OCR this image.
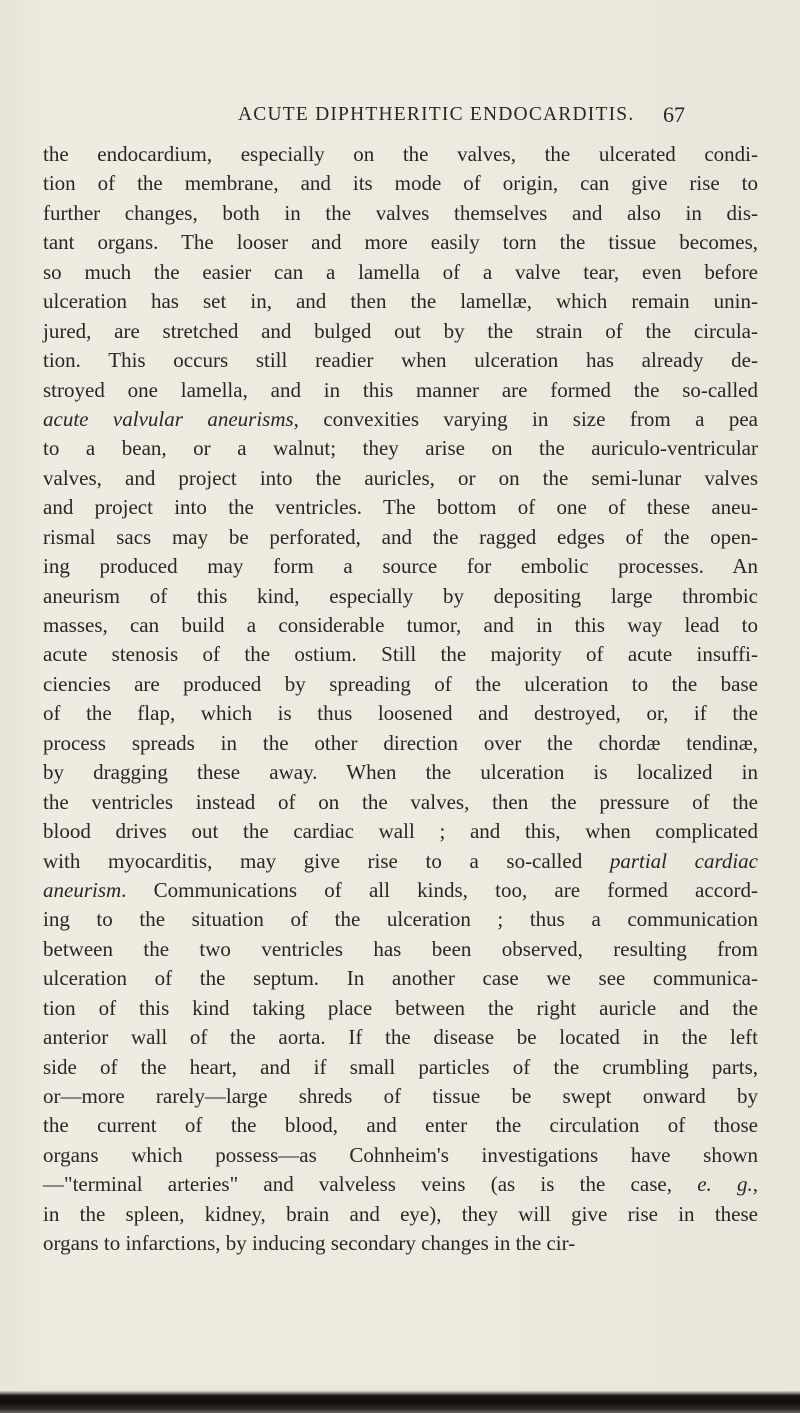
ACUTE DIPHTHERITIC ENDOCARDITIS. 67
the endocardium, especially on the valves, the ulcerated condi-
tion of the membrane, and its mode of origin, can give rise to
further changes, both in the valves themselves and also in dis-
tant organs. The looser and more easily torn the tissue becomes,
so much the easier can a lamella of a valve tear, even before
ulceration has set in, and then the lamellæ, which remain unin-
jured, are stretched and bulged out by the strain of the circula-
tion. This occurs still readier when ulceration has already de-
stroyed one lamella, and in this manner are formed the so-called
acute valvular aneurisms, convexities varying in size from a pea
to a bean, or a walnut; they arise on the auriculo-ventricular
valves, and project into the auricles, or on the semi-lunar valves
and project into the ventricles. The bottom of one of these aneu-
rismal sacs may be perforated, and the ragged edges of the open-
ing produced may form a source for embolic processes. An
aneurism of this kind, especially by depositing large thrombic
masses, can build a considerable tumor, and in this way lead to
acute stenosis of the ostium. Still the majority of acute insuffi-
ciencies are produced by spreading of the ulceration to the base
of the flap, which is thus loosened and destroyed, or, if the
process spreads in the other direction over the chordæ tendinæ,
by dragging these away. When the ulceration is localized in
the ventricles instead of on the valves, then the pressure of the
blood drives out the cardiac wall ; and this, when complicated
with myocarditis, may give rise to a so-called partial cardiac
aneurism. Communications of all kinds, too, are formed accord-
ing to the situation of the ulceration ; thus a communication
between the two ventricles has been observed, resulting from
ulceration of the septum. In another case we see communica-
tion of this kind taking place between the right auricle and the
anterior wall of the aorta. If the disease be located in the left
side of the heart, and if small particles of the crumbling parts,
or—more rarely—large shreds of tissue be swept onward by
the current of the blood, and enter the circulation of those
organs which possess—as Cohnheim's investigations have shown
—"terminal arteries" and valveless veins (as is the case, e. g.,
in the spleen, kidney, brain and eye), they will give rise in these
organs to infarctions, by inducing secondary changes in the cir-
